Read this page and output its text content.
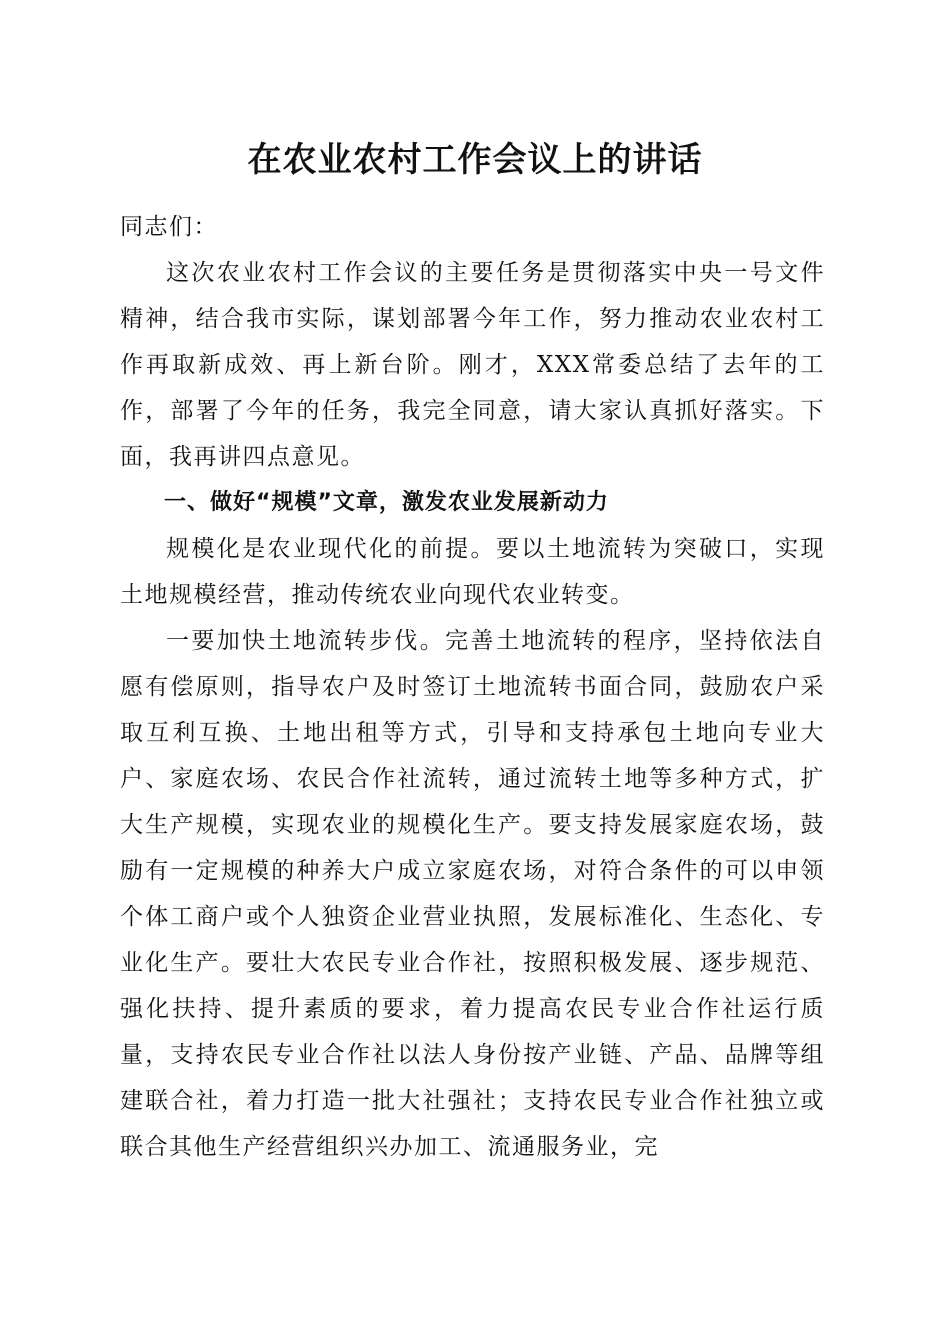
在农业农村工作会议上的讲话

同志们：

这次农业农村工作会议的主要任务是贯彻落实中央一号文件精神，结合我市实际，谋划部署今年工作，努力推动农业农村工作再取新成效、再上新台阶。刚才，XXX常委总结了去年的工作，部署了今年的任务，我完全同意，请大家认真抓好落实。下面，我再讲四点意见。

一、做好“规模”文章，激发农业发展新动力

规模化是农业现代化的前提。要以土地流转为突破口，实现土地规模经营，推动传统农业向现代农业转变。

一要加快土地流转步伐。完善土地流转的程序，坚持依法自愿有偿原则，指导农户及时签订土地流转书面合同，鼓励农户采取互利互换、土地出租等方式，引导和支持承包土地向专业大户、家庭农场、农民合作社流转，通过流转土地等多种方式，扩大生产规模，实现农业的规模化生产。要支持发展家庭农场，鼓励有一定规模的种养大户成立家庭农场，对符合条件的可以申领个体工商户或个人独资企业营业执照，发展标准化、生态化、专业化生产。要壮大农民专业合作社，按照积极发展、逐步规范、强化扶持、提升素质的要求，着力提高农民专业合作社运行质量，支持农民专业合作社以法人身份按产业链、产品、品牌等组建联合社，着力打造一批大社强社；支持农民专业合作社独立或联合其他生产经营组织兴办加工、流通服务业，完
